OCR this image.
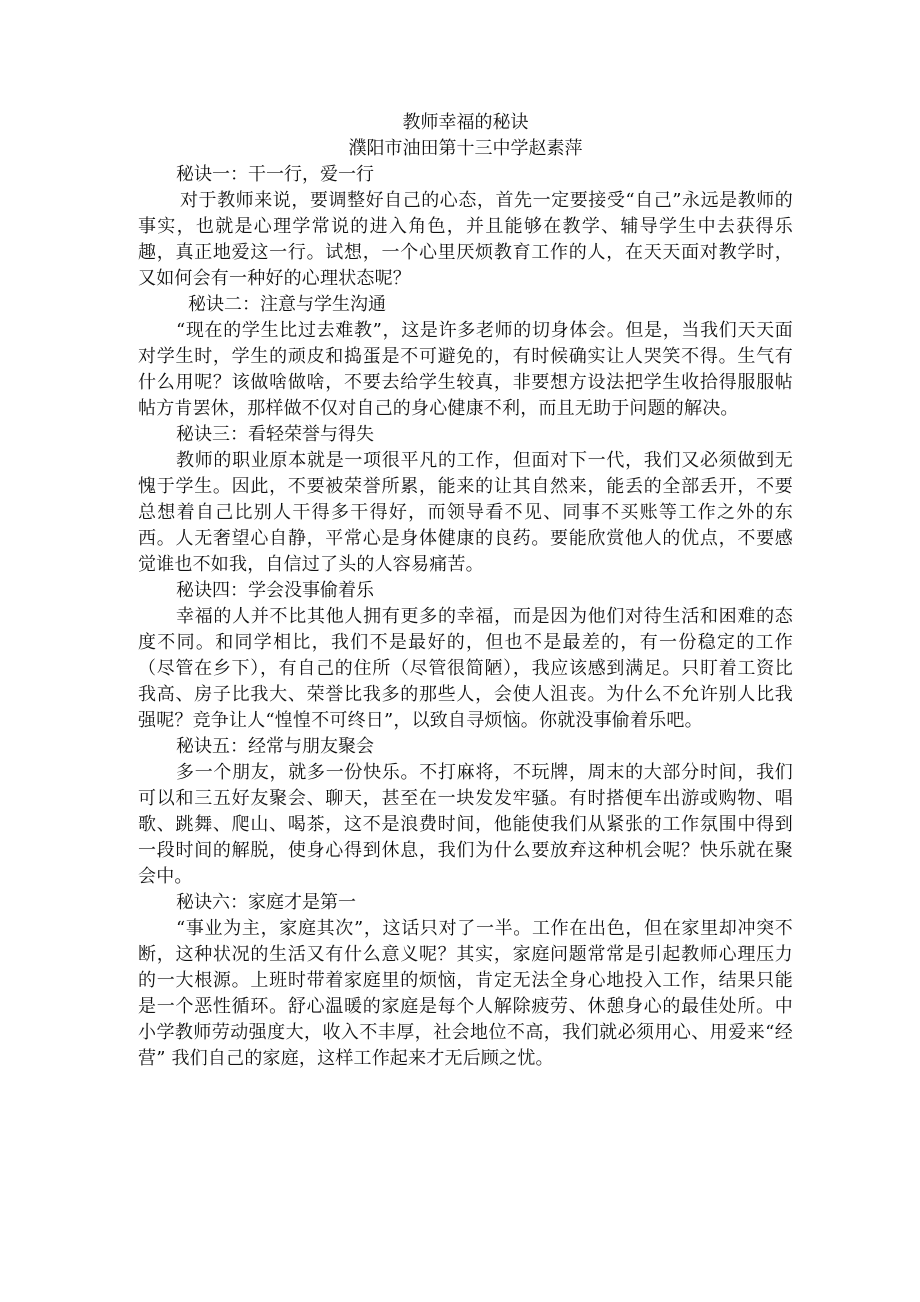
教师幸福的秘诀
濮阳市油田第十三中学赵素萍
秘诀一：干一行，爱一行

对于教师来说，要调整好自己的心态，首先一定要接受“自己”永远是教师的事实，也就是心理学常说的进入角色，并且能够在教学、辅导学生中去获得乐趣，真正地爱这一行。试想，一个心里厌烦教育工作的人，在天天面对教学时，又如何会有一种好的心理状态呢？

秘诀二：注意与学生沟通

“现在的学生比过去难教”，这是许多老师的切身体会。但是，当我们天天面对学生时，学生的顽皮和捣蛋是不可避免的，有时候确实让人哭笑不得。生气有什么用呢？该做啥做啥，不要去给学生较真，非要想方设法把学生收拾得服服帖帖方肯罢休，那样做不仅对自己的身心健康不利，而且无助于问题的解决。

秘诀三：看轻荣誉与得失

教师的职业原本就是一项很平凡的工作，但面对下一代，我们又必须做到无愧于学生。因此，不要被荣誉所累，能来的让其自然来，能丢的全部丢开，不要总想着自己比别人干得多干得好，而领导看不见、同事不买账等工作之外的东西。人无奢望心自静，平常心是身体健康的良药。要能欣赏他人的优点，不要感觉谁也不如我，自信过了头的人容易痛苦。

秘诀四：学会没事偷着乐

幸福的人并不比其他人拥有更多的幸福，而是因为他们对待生活和困难的态度不同。和同学相比，我们不是最好的，但也不是最差的，有一份稳定的工作（尽管在乡下），有自己的住所（尽管很简陋），我应该感到满足。只盯着工资比我高、房子比我大、荣誉比我多的那些人，会使人沮丧。为什么不允许别人比我强呢？竞争让人“惶惶不可终日”，以致自寻烦恼。你就没事偷着乐吧。

秘诀五：经常与朋友聚会

多一个朋友，就多一份快乐。不打麻将，不玩牌，周末的大部分时间，我们可以和三五好友聚会、聊天，甚至在一块发发牢骚。有时搭便车出游或购物、唱歌、跳舞、爬山、喝茶，这不是浪费时间，他能使我们从紧张的工作氛围中得到一段时间的解脱，使身心得到休息，我们为什么要放弃这种机会呢？快乐就在聚会中。

秘诀六：家庭才是第一

“事业为主，家庭其次”，这话只对了一半。工作在出色，但在家里却冲突不断，这种状况的生活又有什么意义呢？其实，家庭问题常常是引起教师心理压力的一大根源。上班时带着家庭里的烦恼，肯定无法全身心地投入工作，结果只能是一个恶性循环。舒心温暖的家庭是每个人解除疲劳、休憩身心的最佳处所。中小学教师劳动强度大，收入不丰厚，社会地位不高，我们就必须用心、用爱来“经营” 我们自己的家庭，这样工作起来才无后顾之忧。
